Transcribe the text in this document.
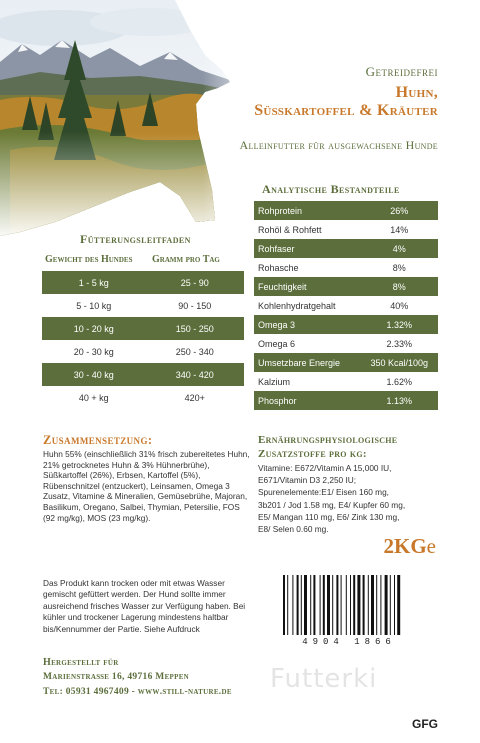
Getreidefrei
Huhn,
Süßkartoffel & Kräuter
Alleinfutter für ausgewachsene Hunde
Analytische Bestandteile
Rohprotein	26%
Rohöl & Rohfett	14%
Rohfaser	4%
Rohasche	8%
Feuchtigkeit	8%
Kohlenhydratgehalt	40%
Omega 3	1.32%
Omega 6	2.33%
Umsetzbare Energie	350 Kcal/100g
Kalzium	1.62%
Phosphor	1.13%
Fütterungsleitfaden
Gewicht des Hundes Gramm pro Tag
1 - 5 kg	25 - 90
5 - 10 kg	90 - 150
10 - 20 kg	150 - 250
20 - 30 kg	250 - 340
30 - 40 kg	340 - 420
40 + kg	420+
Zusammensetzung:
Huhn 55% (einschließlich 31% frisch zubereitetes Huhn, 21% getrocknetes Huhn & 3% Hühnerbrühe), Süßkartoffel (26%), Erbsen, Kartoffel (5%), Rübenschnitzel (entzuckert), Leinsamen, Omega 3 Zusatz, Vitamine & Mineralien, Gemüsebrühe, Majoran, Basilikum, Oregano, Salbei, Thymian, Petersilie, FOS (92 mg/kg), MOS (23 mg/kg).
Ernährungsphysiologische Zusatzstoffe pro kg:
Vitamine: E672/Vitamin A 15,000 IU,
E671/Vitamin D3 2,250 IU;
Spurenelemente:E1/ Eisen 160 mg,
3b201 / Jod 1.58 mg, E4/ Kupfer 60 mg,
E5/ Mangan 110 mg, E6/ Zink 130 mg,
E8/ Selen 0.60 mg.
2KGe
Das Produkt kann trocken oder mit etwas Wasser gemischt gefüttert werden. Der Hund sollte immer ausreichend frisches Wasser zur Verfügung haben. Bei kühler und trockener Lagerung mindestens haltbar bis/Kennummer der Partie. Siehe Aufdruck
4904 1866
Hergestellt für
Marienstraße 16, 49716 Meppen
Tel: 05931 4967409 - www.still-nature.de Futterki
GFG
